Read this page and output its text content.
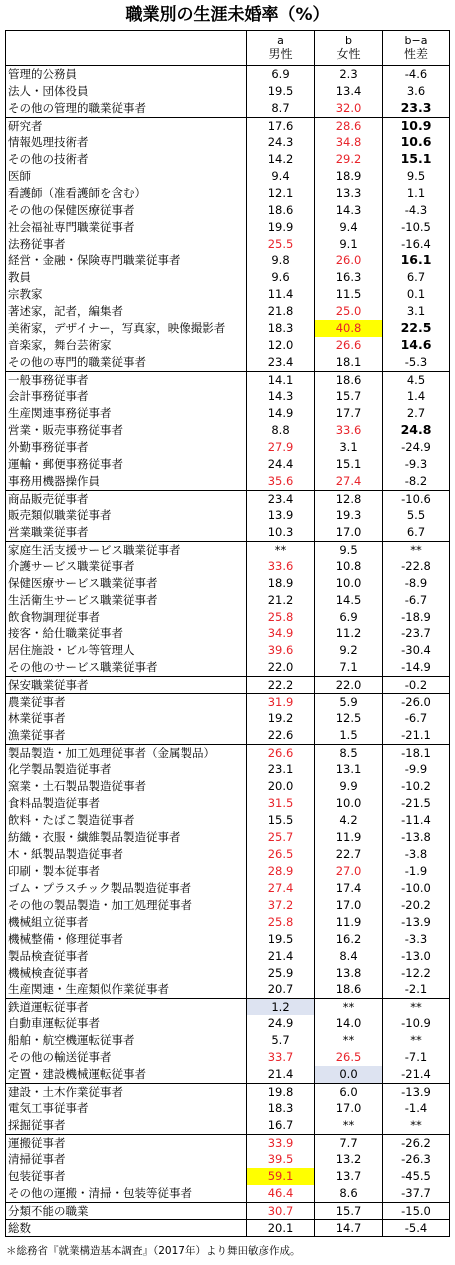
職業別の生涯未婚率（%）
a
男性
b
女性
b−a
性差
管理的公務員	6.9	2.3	-4.6
法人・団体役員	19.5	13.4	3.6
その他の管理的職業従事者	8.7	32.0	23.3
研究者	17.6	28.6	10.9
情報処理技術者	24.3	34.8	10.6
その他の技術者	14.2	29.2	15.1
医師	9.4	18.9	9.5
看護師（准看護師を含む）	12.1	13.3	1.1
その他の保健医療従事者	18.6	14.3	-4.3
社会福祉専門職業従事者	19.9	9.4	-10.5
法務従事者	25.5	9.1	-16.4
経営・金融・保険専門職業従事者	9.8	26.0	16.1
教員	9.6	16.3	6.7
宗教家	11.4	11.5	0.1
著述家，記者，編集者	21.8	25.0	3.1
美術家，デザイナー，写真家，映像撮影者	18.3	40.8	22.5
音楽家，舞台芸術家	12.0	26.6	14.6
その他の専門的職業従事者	23.4	18.1	-5.3
一般事務従事者	14.1	18.6	4.5
会計事務従事者	14.3	15.7	1.4
生産関連事務従事者	14.9	17.7	2.7
営業・販売事務従事者	8.8	33.6	24.8
外勤事務従事者	27.9	3.1	-24.9
運輸・郵便事務従事者	24.4	15.1	-9.3
事務用機器操作員	35.6	27.4	-8.2
商品販売従事者	23.4	12.8	-10.6
販売類似職業従事者	13.9	19.3	5.5
営業職業従事者	10.3	17.0	6.7
家庭生活支援サービス職業従事者	**	9.5	**
介護サービス職業従事者	33.6	10.8	-22.8
保健医療サービス職業従事者	18.9	10.0	-8.9
生活衛生サービス職業従事者	21.2	14.5	-6.7
飲食物調理従事者	25.8	6.9	-18.9
接客・給仕職業従事者	34.9	11.2	-23.7
居住施設・ビル等管理人	39.6	9.2	-30.4
その他のサービス職業従事者	22.0	7.1	-14.9
保安職業従事者	22.2	22.0	-0.2
農業従事者	31.9	5.9	-26.0
林業従事者	19.2	12.5	-6.7
漁業従事者	22.6	1.5	-21.1
製品製造・加工処理従事者（金属製品）	26.6	8.5	-18.1
化学製品製造従事者	23.1	13.1	-9.9
窯業・土石製品製造従事者	20.0	9.9	-10.2
食料品製造従事者	31.5	10.0	-21.5
飲料・たばこ製造従事者	15.5	4.2	-11.4
紡織・衣服・繊維製品製造従事者	25.7	11.9	-13.8
木・紙製品製造従事者	26.5	22.7	-3.8
印刷・製本従事者	28.9	27.0	-1.9
ゴム・プラスチック製品製造従事者	27.4	17.4	-10.0
その他の製品製造・加工処理従事者	37.2	17.0	-20.2
機械組立従事者	25.8	11.9	-13.9
機械整備・修理従事者	19.5	16.2	-3.3
製品検査従事者	21.4	8.4	-13.0
機械検査従事者	25.9	13.8	-12.2
生産関連・生産類似作業従事者	20.7	18.6	-2.1
鉄道運転従事者	1.2	**	**
自動車運転従事者	24.9	14.0	-10.9
船舶・航空機運転従事者	5.7	**	**
その他の輸送従事者	33.7	26.5	-7.1
定置・建設機械運転従事者	21.4	0.0	-21.4
建設・土木作業従事者	19.8	6.0	-13.9
電気工事従事者	18.3	17.0	-1.4
採掘従事者	16.7	**	**
運搬従事者	33.9	7.7	-26.2
清掃従事者	39.5	13.2	-26.3
包装従事者	59.1	13.7	-45.5
その他の運搬・清掃・包装等従事者	46.4	8.6	-37.7
分類不能の職業	30.7	15.7	-15.0
総数	20.1	14.7	-5.4
＊総務省『就業構造基本調査』（2017年）より舞田敏彦作成。
